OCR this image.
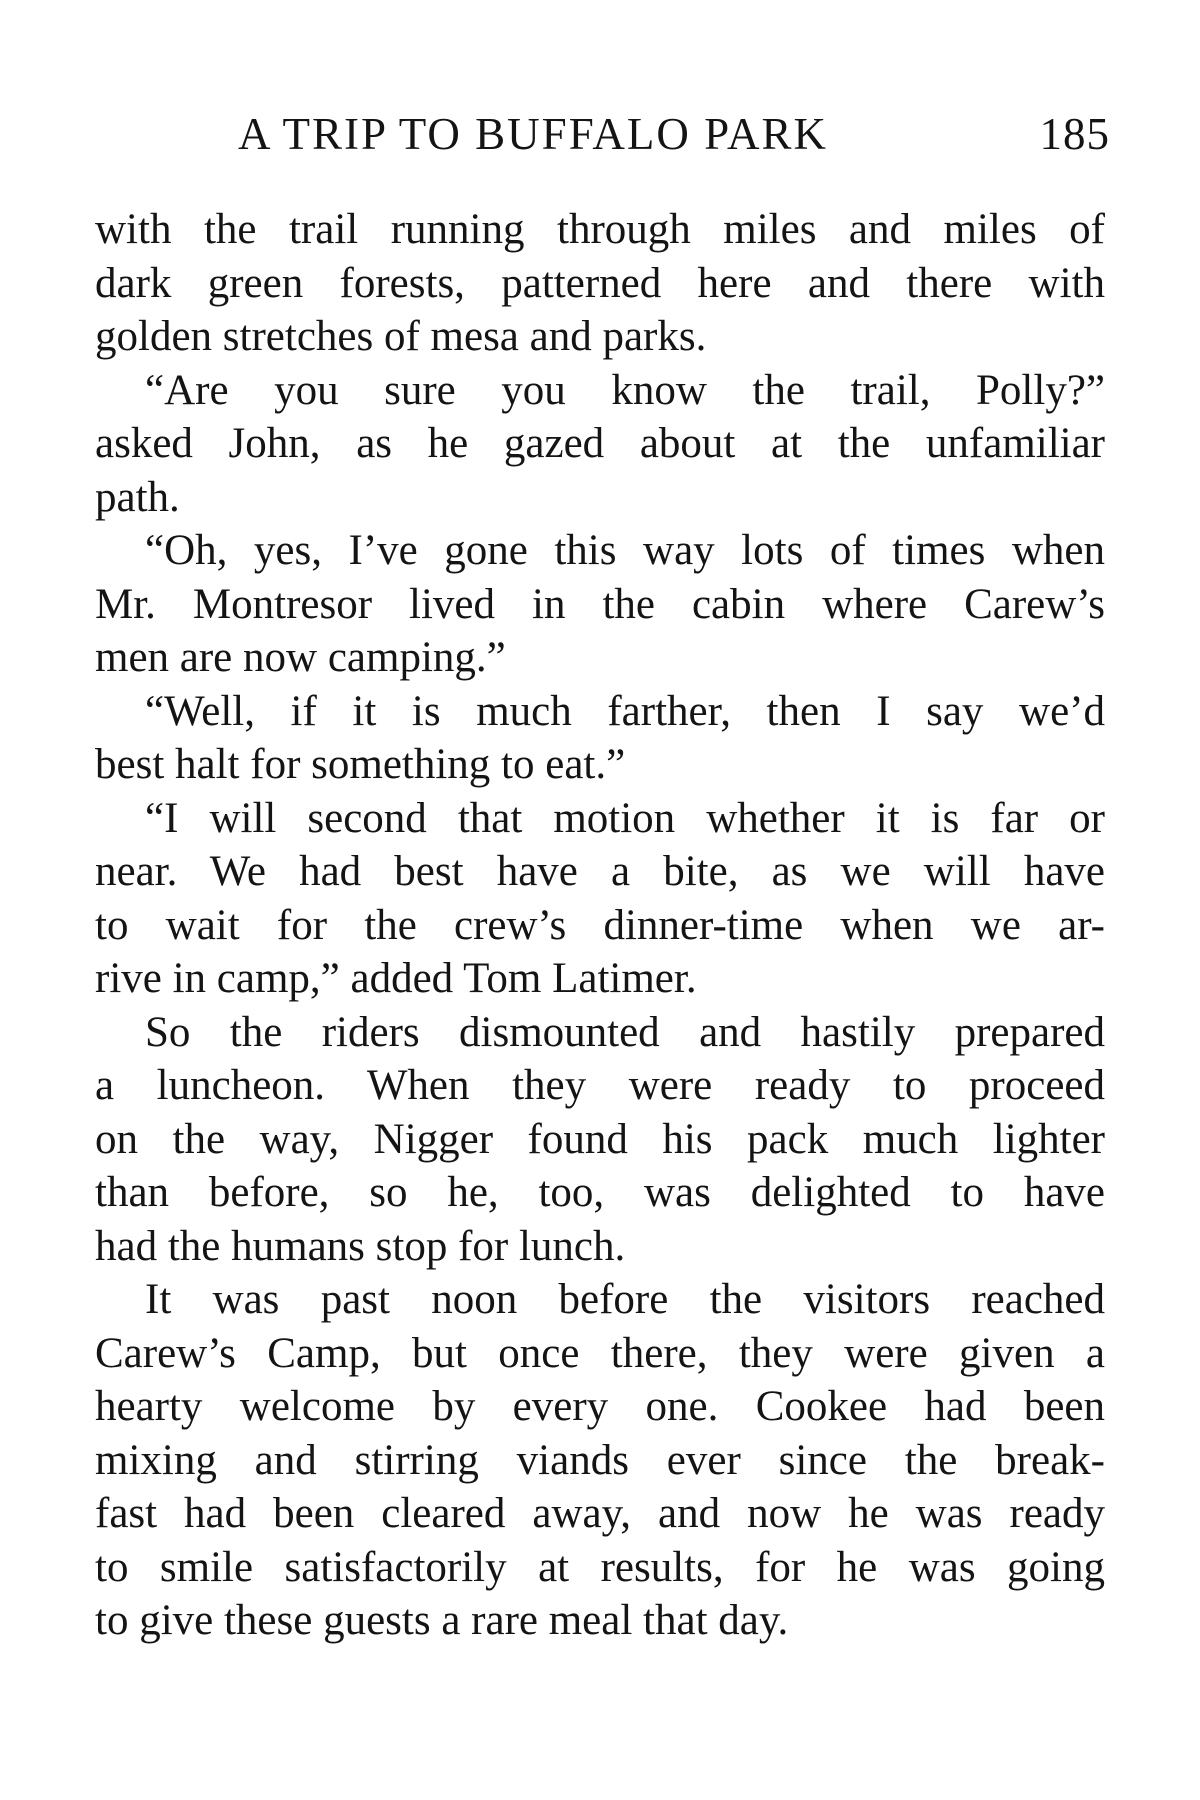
A TRIP TO BUFFALO PARK	185
with the trail running through miles and miles of
dark green forests, patterned here and there with
golden stretches of mesa and parks.
“Are you sure you know the trail, Polly?”
asked John, as he gazed about at the unfamiliar
path.
“Oh, yes, I’ve gone this way lots of times when
Mr. Montresor lived in the cabin where Carew’s
men are now camping.”
“Well, if it is much farther, then I say we’d
best halt for something to eat.”
“I will second that motion whether it is far or
near. We had best have a bite, as we will have
to wait for the crew’s dinner-time when we ar-
rive in camp,” added Tom Latimer.
So the riders dismounted and hastily prepared
a luncheon. When they were ready to proceed
on the way, Nigger found his pack much lighter
than before, so he, too, was delighted to have
had the humans stop for lunch.
It was past noon before the visitors reached
Carew’s Camp, but once there, they were given a
hearty welcome by every one. Cookee had been
mixing and stirring viands ever since the break-
fast had been cleared away, and now he was ready
to smile satisfactorily at results, for he was going
to give these guests a rare meal that day.
